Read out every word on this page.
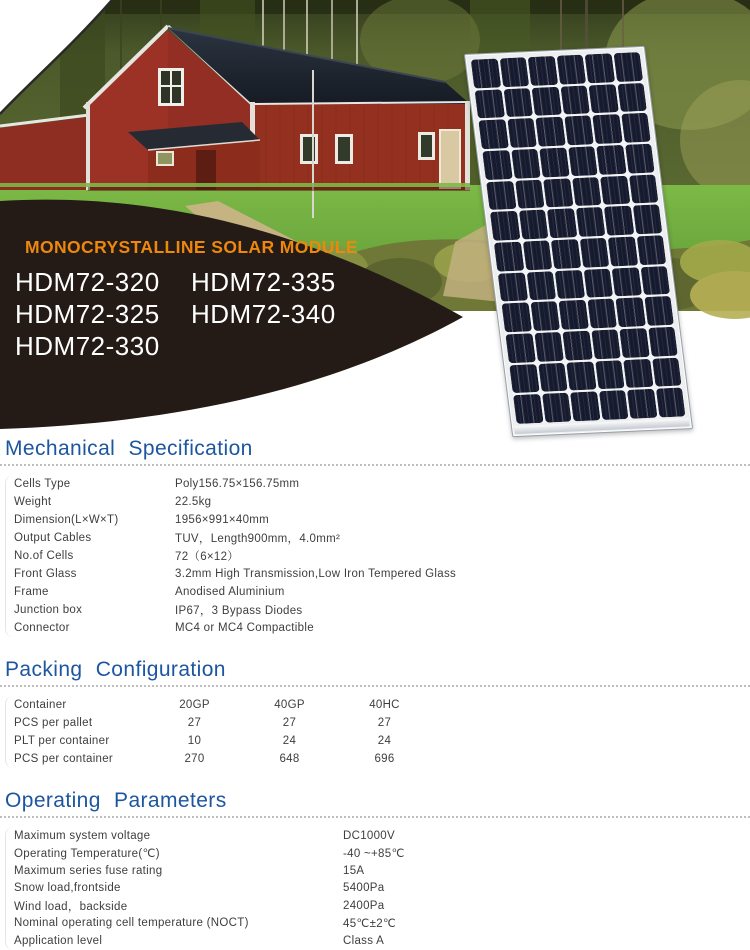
MONOCRYSTALLINE SOLAR MODULE
HDM72-320	HDM72-335
HDM72-325	HDM72-340
HDM72-330
Mechanical Specification
Cells Type	Poly156.75×156.75mm
Weight	22.5kg
Dimension(L×W×T)	1956×991×40mm
Output Cables	TUV，Length900mm，4.0mm²
No.of Cells	72（6×12）
Front Glass	3.2mm High Transmission,Low Iron Tempered Glass
Frame	Anodised Aluminium
Junction box	IP67，3 Bypass Diodes
Connector	MC4 or MC4 Compactible
Packing Configuration
Container	20GP	40GP	40HC
PCS per pallet	27	27	27
PLT per container	10	24	24
PCS per container	270	648	696
Operating Parameters
Maximum system voltage	DC1000V
Operating Temperature(℃)	-40 ~+85℃
Maximum series fuse rating	15A
Snow load,frontside	5400Pa
Wind load，backside	2400Pa
Nominal operating cell temperature (NOCT)	45℃±2℃
Application level	Class A
